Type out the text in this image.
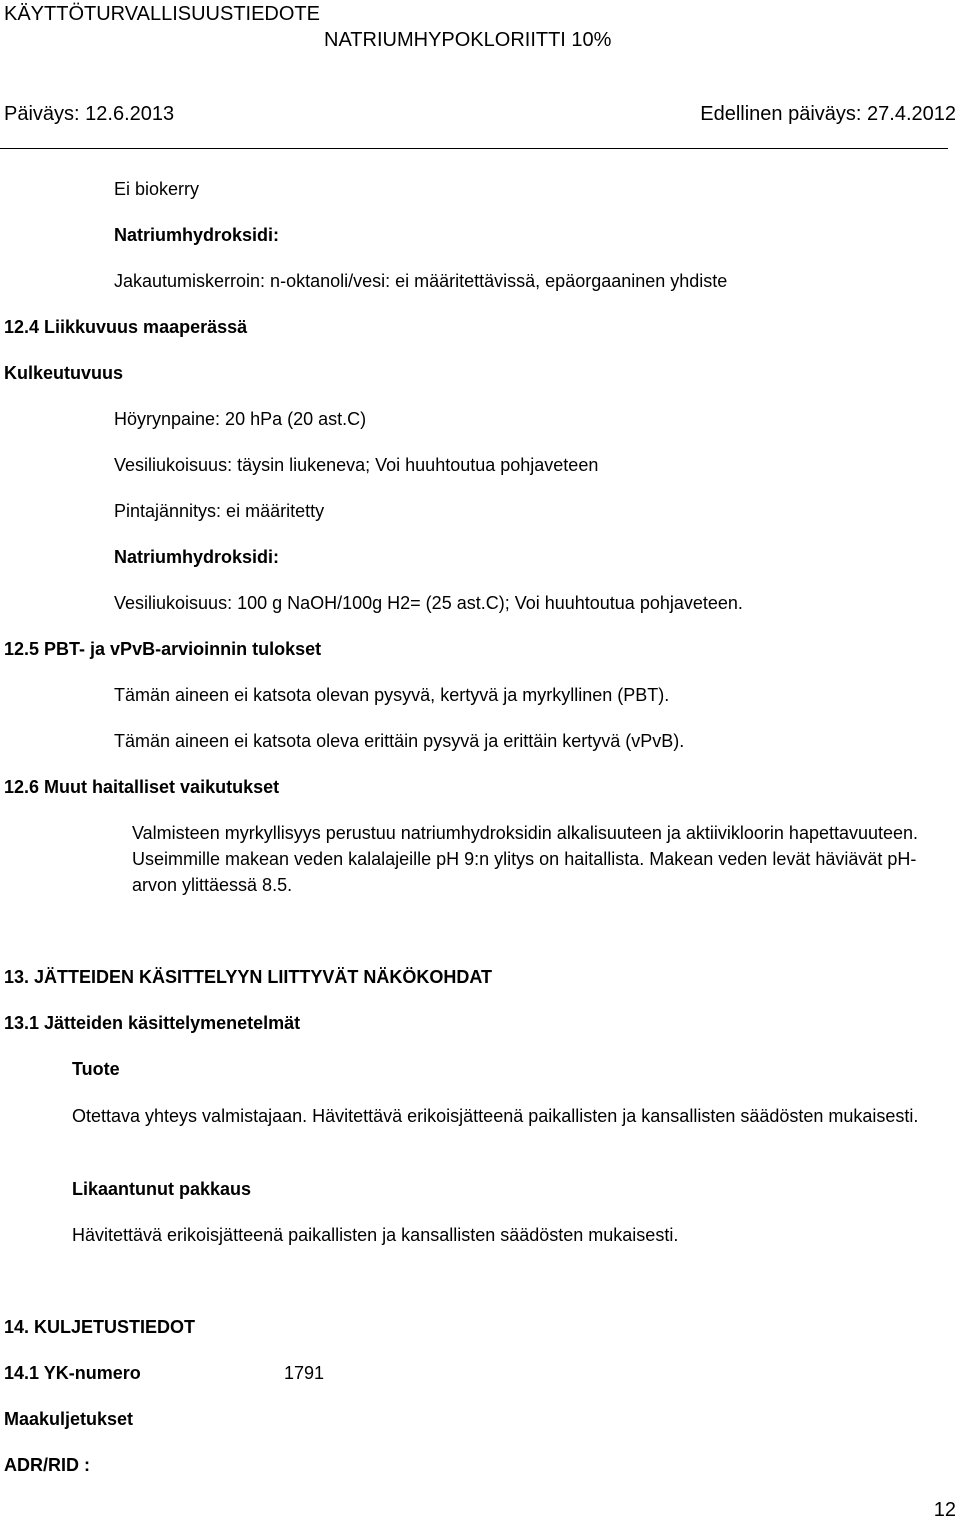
KÄYTTÖTURVALLISUUSTIEDOTE
NATRIUMHYPOKLORIITTI 10%
Päiväys: 12.6.2013	Edellinen päiväys: 27.4.2012
Ei biokerry
Natriumhydroksidi:
Jakautumiskerroin: n-oktanoli/vesi: ei määritettävissä, epäorgaaninen yhdiste
12.4 Liikkuvuus maaperässä
Kulkeutuvuus
Höyrynpaine: 20 hPa (20 ast.C)
Vesiliukoisuus: täysin liukeneva; Voi huuhtoutua pohjaveteen
Pintajännitys: ei määritetty
Natriumhydroksidi:
Vesiliukoisuus: 100 g NaOH/100g H2= (25 ast.C); Voi huuhtoutua pohjaveteen.
12.5 PBT- ja vPvB-arvioinnin tulokset
Tämän aineen ei katsota olevan pysyvä, kertyvä ja myrkyllinen (PBT).
Tämän aineen ei katsota oleva erittäin pysyvä ja erittäin kertyvä (vPvB).
12.6 Muut haitalliset vaikutukset
Valmisteen myrkyllisyys perustuu natriumhydroksidin alkalisuuteen ja aktiivikloorin hapettavuuteen. Useimmille makean veden kalalajeille pH 9:n ylitys on haitallista. Makean veden levät häviävät pH-arvon ylittäessä 8.5.
13. JÄTTEIDEN KÄSITTELYYN LIITTYVÄT NÄKÖKOHDAT
13.1 Jätteiden käsittelymenetelmät
Tuote
Otettava yhteys valmistajaan. Hävitettävä erikoisjätteenä paikallisten ja kansallisten säädösten mukaisesti.
Likaantunut pakkaus
Hävitettävä erikoisjätteenä paikallisten ja kansallisten säädösten mukaisesti.
14. KULJETUSTIEDOT
14.1 YK-numero	1791
Maakuljetukset
ADR/RID :
12
